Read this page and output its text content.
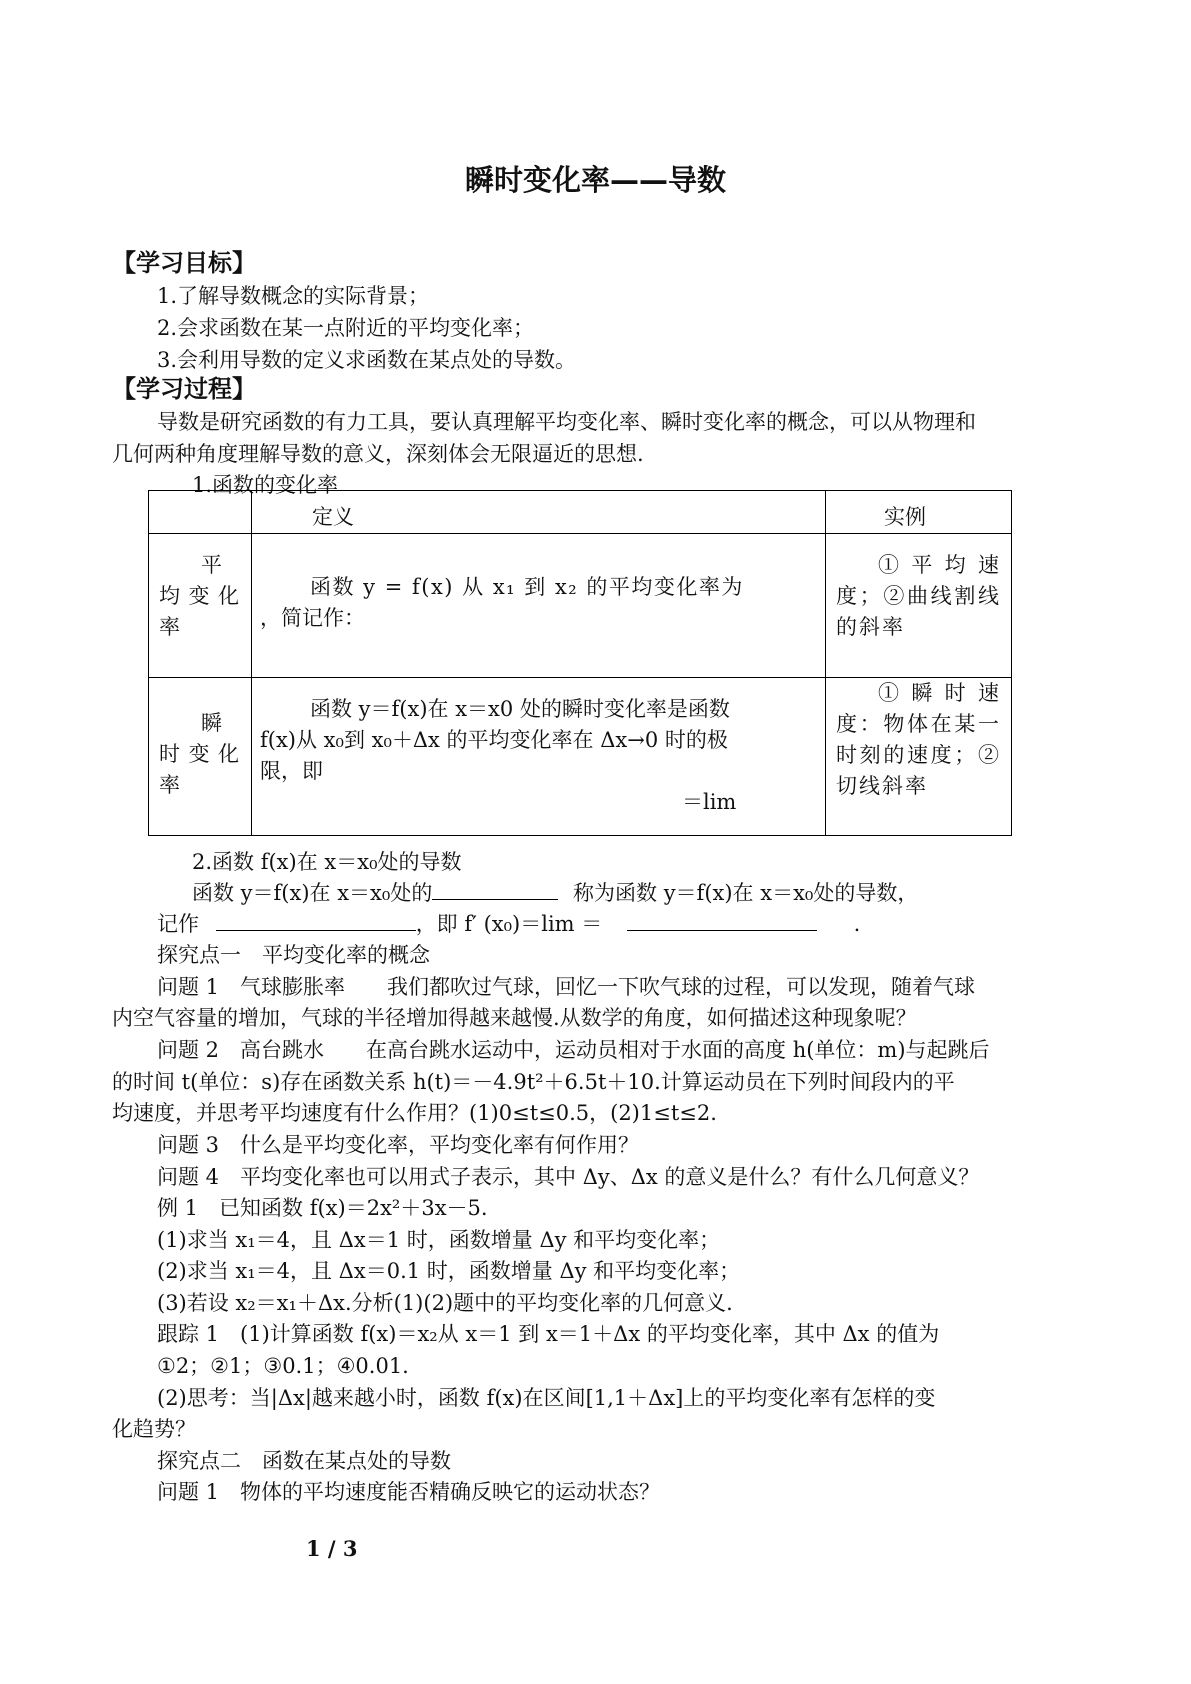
瞬时变化率——导数
【学习目标】
1.了解导数概念的实际背景；
2.会求函数在某一点附近的平均变化率；
3.会利用导数的定义求函数在某点处的导数。
【学习过程】
导数是研究函数的有力工具，要认真理解平均变化率、瞬时变化率的概念，可以从物理和
几何两种角度理解导数的意义，深刻体会无限逼近的思想.
1.函数的变化率
	定义	实例

平均变化率	函数 y = f(x) 从 x₁ 到 x₂ 的平均变化率为
，简记作：	①平均速度；②曲线割线的斜率

瞬时变化率	函数 y＝f(x)在 x＝x0 处的瞬时变化率是函数
f(x)从 x₀到 x₀＋Δx 的平均变化率在 Δx→0 时的极
限，即
＝lim	①瞬时速度：物体在某一时刻的速度；②切线斜率
2.函数 f(x)在 x＝x₀处的导数
函数 y＝f(x)在 x＝x₀处的	称为函数 y＝f(x)在 x＝x₀处的导数，
记作	，即 f′ (x₀)＝lim ＝	.
探究点一　平均变化率的概念
问题 1　气球膨胀率　　我们都吹过气球，回忆一下吹气球的过程，可以发现，随着气球
内空气容量的增加，气球的半径增加得越来越慢.从数学的角度，如何描述这种现象呢？
问题 2　高台跳水　　在高台跳水运动中，运动员相对于水面的高度 h(单位：m)与起跳后
的时间 t(单位：s)存在函数关系 h(t)＝－4.9t²＋6.5t＋10.计算运动员在下列时间段内的平
均速度，并思考平均速度有什么作用？(1)0≤t≤0.5，(2)1≤t≤2.
问题 3　什么是平均变化率，平均变化率有何作用？
问题 4　平均变化率也可以用式子表示，其中 Δy、Δx 的意义是什么？有什么几何意义？
例 1　已知函数 f(x)＝2x²＋3x－5.
(1)求当 x₁＝4，且 Δx＝1 时，函数增量 Δy 和平均变化率；
(2)求当 x₁＝4，且 Δx＝0.1 时，函数增量 Δy 和平均变化率；
(3)若设 x₂＝x₁＋Δx.分析(1)(2)题中的平均变化率的几何意义.
跟踪 1　(1)计算函数 f(x)＝x₂从 x＝1 到 x＝1＋Δx 的平均变化率，其中 Δx 的值为
①2；②1；③0.1；④0.01.
(2)思考：当|Δx|越来越小时，函数 f(x)在区间[1,1＋Δx]上的平均变化率有怎样的变
化趋势？
探究点二　函数在某点处的导数
问题 1　物体的平均速度能否精确反映它的运动状态？
1 / 3
